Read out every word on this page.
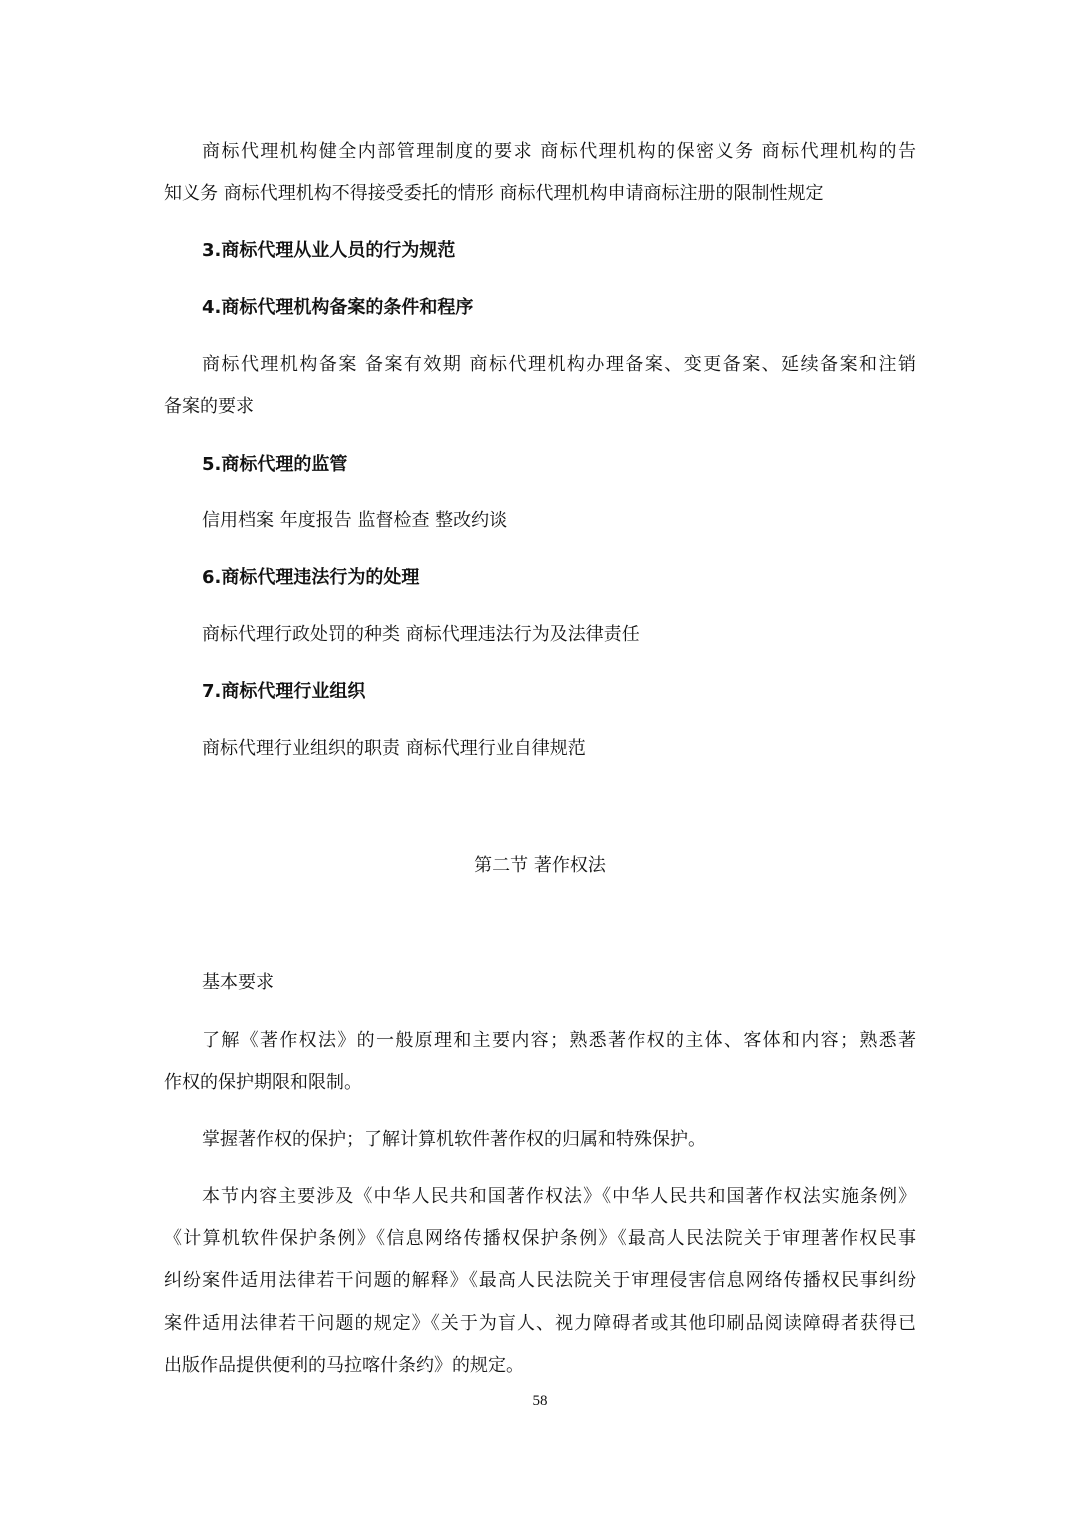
商标代理机构健全内部管理制度的要求 商标代理机构的保密义务 商标代理机构的告
知义务 商标代理机构不得接受委托的情形 商标代理机构申请商标注册的限制性规定
3.商标代理从业人员的行为规范
4.商标代理机构备案的条件和程序
商标代理机构备案 备案有效期 商标代理机构办理备案、变更备案、延续备案和注销
备案的要求
5.商标代理的监管
信用档案 年度报告 监督检查 整改约谈
6.商标代理违法行为的处理
商标代理行政处罚的种类 商标代理违法行为及法律责任
7.商标代理行业组织
商标代理行业组织的职责 商标代理行业自律规范
第二节 著作权法
基本要求
了解《著作权法》的一般原理和主要内容；熟悉著作权的主体、客体和内容；熟悉著
作权的保护期限和限制。
掌握著作权的保护；了解计算机软件著作权的归属和特殊保护。
本节内容主要涉及《中华人民共和国著作权法》《中华人民共和国著作权法实施条例》
《计算机软件保护条例》《信息网络传播权保护条例》《最高人民法院关于审理著作权民事
纠纷案件适用法律若干问题的解释》《最高人民法院关于审理侵害信息网络传播权民事纠纷
案件适用法律若干问题的规定》《关于为盲人、视力障碍者或其他印刷品阅读障碍者获得已
出版作品提供便利的马拉喀什条约》的规定。
58
